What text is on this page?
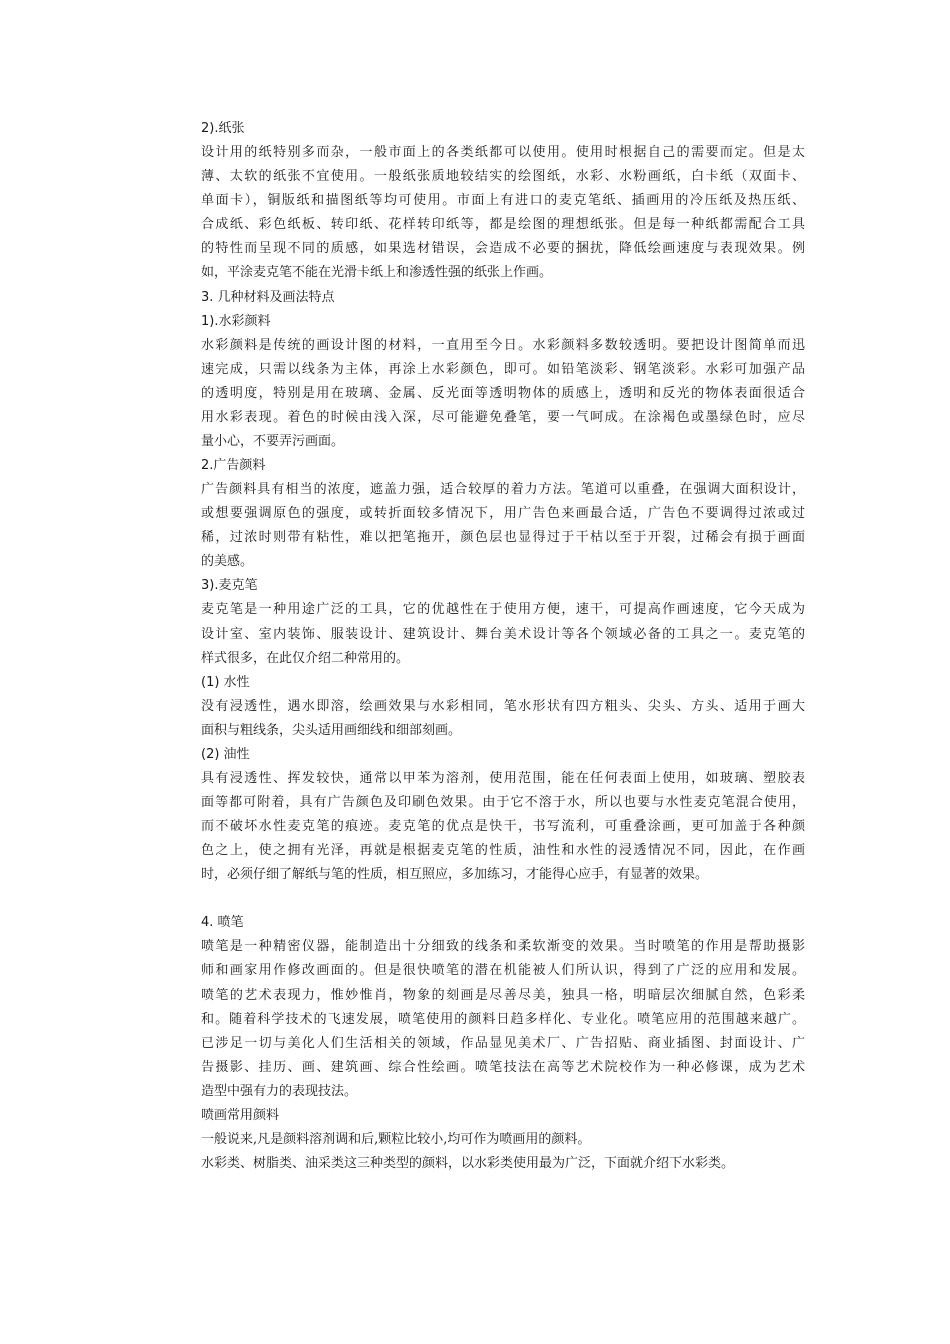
2).纸张
设计用的纸特别多而杂，一般市面上的各类纸都可以使用。使用时根据自己的需要而定。但是太
薄、太软的纸张不宜使用。一般纸张质地较结实的绘图纸，水彩、水粉画纸，白卡纸（双面卡、
单面卡），铜版纸和描图纸等均可使用。市面上有进口的麦克笔纸、插画用的冷压纸及热压纸、
合成纸、彩色纸板、转印纸、花样转印纸等，都是绘图的理想纸张。但是每一种纸都需配合工具
的特性而呈现不同的质感，如果选材错误，会造成不必要的捆扰，降低绘画速度与表现效果。例
如，平涂麦克笔不能在光滑卡纸上和渗透性强的纸张上作画。
3. 几种材料及画法特点
1).水彩颜料
水彩颜料是传统的画设计图的材料，一直用至今日。水彩颜料多数较透明。要把设计图简单而迅
速完成，只需以线条为主体，再涂上水彩颜色，即可。如铅笔淡彩、钢笔淡彩。水彩可加强产品
的透明度，特别是用在玻璃、金属、反光面等透明物体的质感上，透明和反光的物体表面很适合
用水彩表现。着色的时候由浅入深，尽可能避免叠笔，要一气呵成。在涂褐色或墨绿色时，应尽
量小心，不要弄污画面。
2.广告颜料
广告颜料具有相当的浓度，遮盖力强，适合较厚的着力方法。笔道可以重叠，在强调大面积设计，
或想要强调原色的强度，或转折面较多情况下，用广告色来画最合适，广告色不要调得过浓或过
稀，过浓时则带有粘性，难以把笔拖开，颜色层也显得过于干枯以至于开裂，过稀会有损于画面
的美感。
3).麦克笔
麦克笔是一种用途广泛的工具，它的优越性在于使用方便，速干，可提高作画速度，它今天成为
设计室、室内装饰、服装设计、建筑设计、舞台美术设计等各个领域必备的工具之一。麦克笔的
样式很多，在此仅介绍二种常用的。
(1) 水性
没有浸透性，遇水即溶，绘画效果与水彩相同，笔水形状有四方粗头、尖头、方头、适用于画大
面积与粗线条，尖头适用画细线和细部刻画。
(2) 油性
具有浸透性、挥发较快，通常以甲苯为溶剂，使用范围，能在任何表面上使用，如玻璃、塑胶表
面等都可附着，具有广告颜色及印刷色效果。由于它不溶于水，所以也要与水性麦克笔混合使用，
而不破坏水性麦克笔的痕迹。麦克笔的优点是快干，书写流利，可重叠涂画，更可加盖于各种颜
色之上，使之拥有光泽，再就是根据麦克笔的性质，油性和水性的浸透情况不同，因此，在作画
时，必须仔细了解纸与笔的性质，相互照应，多加练习，才能得心应手，有显著的效果。
4. 喷笔
喷笔是一种精密仪器，能制造出十分细致的线条和柔软渐变的效果。当时喷笔的作用是帮助摄影
师和画家用作修改画面的。但是很快喷笔的潜在机能被人们所认识，得到了广泛的应用和发展。
喷笔的艺术表现力，惟妙惟肖，物象的刻画是尽善尽美，独具一格，明暗层次细腻自然，色彩柔
和。随着科学技术的飞速发展，喷笔使用的颜料日趋多样化、专业化。喷笔应用的范围越来越广。
已涉足一切与美化人们生活相关的领域，作品显见美术厂、广告招贴、商业插图、封面设计、广
告摄影、挂历、画、建筑画、综合性绘画。喷笔技法在高等艺术院校作为一种必修课，成为艺术
造型中强有力的表现技法。
喷画常用颜料
一般说来,凡是颜料溶剂调和后,颗粒比较小,均可作为喷画用的颜料。
水彩类、树脂类、油采类这三种类型的颜料，以水彩类使用最为广泛，下面就介绍下水彩类。
